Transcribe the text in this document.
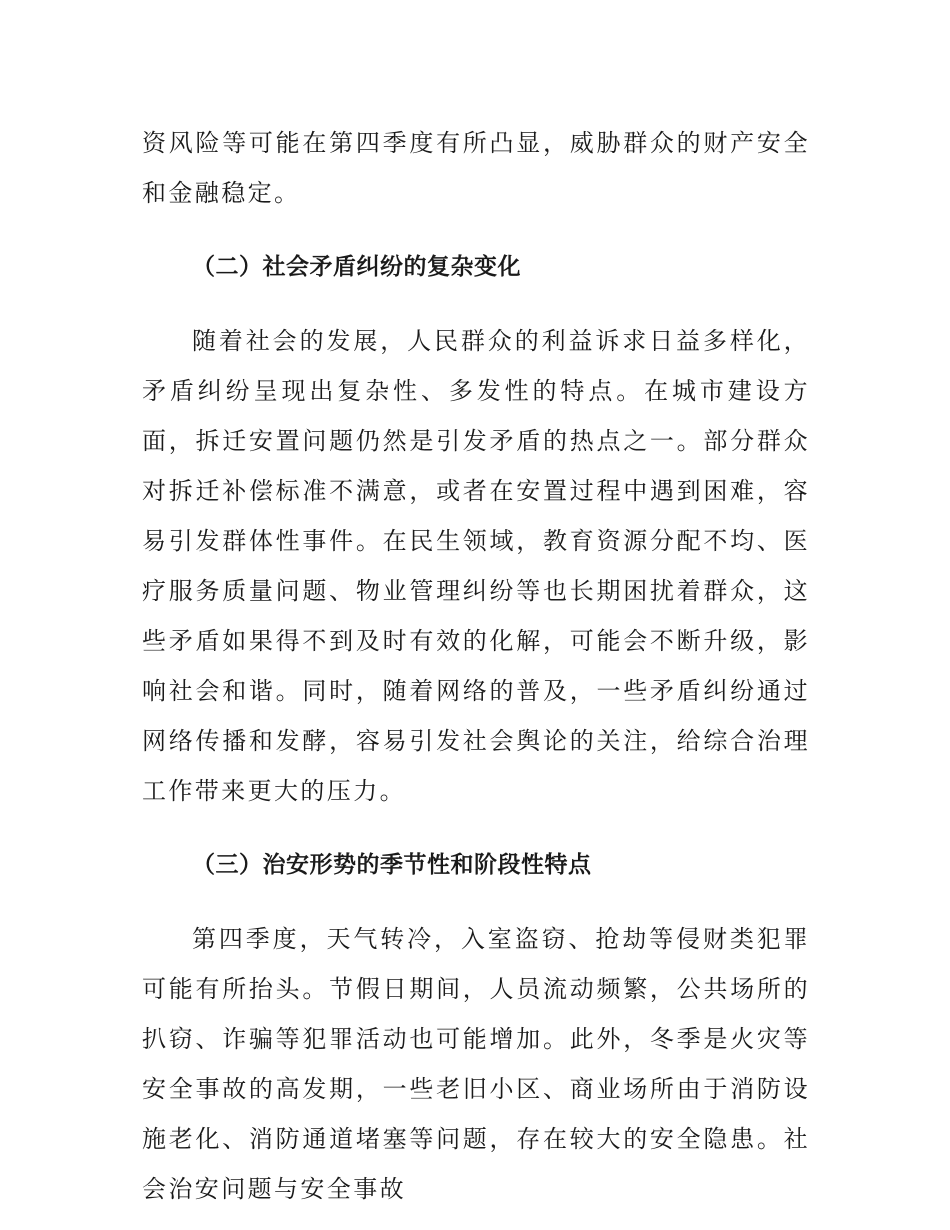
资风险等可能在第四季度有所凸显，威胁群众的财产安全和金融稳定。

（二）社会矛盾纠纷的复杂变化

随着社会的发展，人民群众的利益诉求日益多样化，矛盾纠纷呈现出复杂性、多发性的特点。在城市建设方面，拆迁安置问题仍然是引发矛盾的热点之一。部分群众对拆迁补偿标准不满意，或者在安置过程中遇到困难，容易引发群体性事件。在民生领域，教育资源分配不均、医疗服务质量问题、物业管理纠纷等也长期困扰着群众，这些矛盾如果得不到及时有效的化解，可能会不断升级，影响社会和谐。同时，随着网络的普及，一些矛盾纠纷通过网络传播和发酵，容易引发社会舆论的关注，给综合治理工作带来更大的压力。

（三）治安形势的季节性和阶段性特点

第四季度，天气转冷，入室盗窃、抢劫等侵财类犯罪可能有所抬头。节假日期间，人员流动频繁，公共场所的扒窃、诈骗等犯罪活动也可能增加。此外，冬季是火灾等安全事故的高发期，一些老旧小区、商业场所由于消防设施老化、消防通道堵塞等问题，存在较大的安全隐患。社会治安问题与安全事故
